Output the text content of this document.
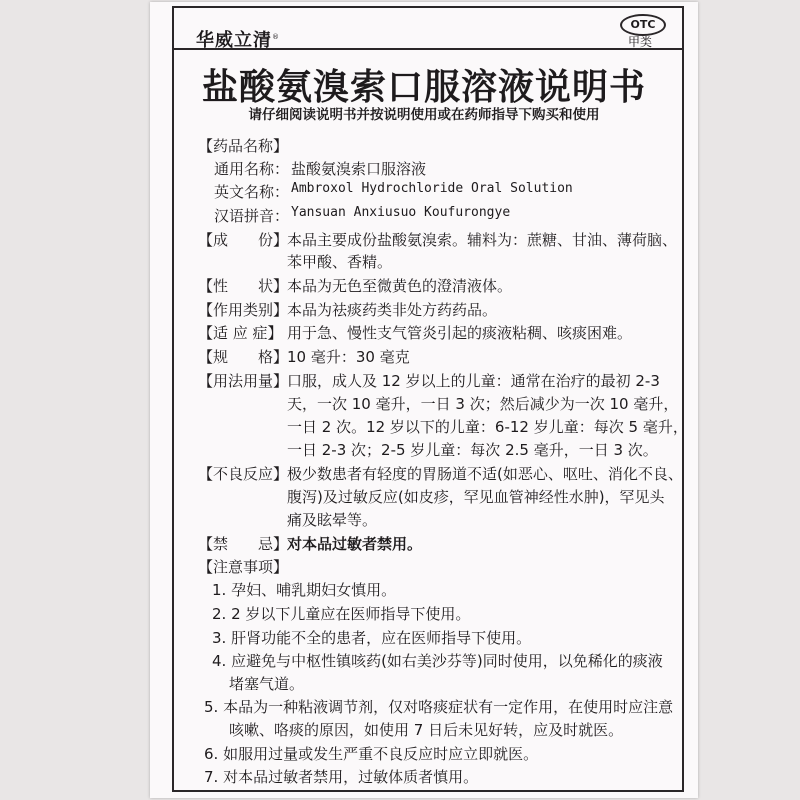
华威立清®
OTC
甲类
盐酸氨溴索口服溶液说明书
请仔细阅读说明书并按说明使用或在药师指导下购买和使用
【药品名称】
通用名称： 盐酸氨溴索口服溶液
英文名称： Ambroxol Hydrochloride Oral Solution
汉语拼音： Yansuan Anxiusuo Koufurongye
【成　　份】
本品主要成份盐酸氨溴索。辅料为：蔗糖、甘油、薄荷脑、
苯甲酸、香精。
【性　　状】
本品为无色至微黄色的澄清液体。
【作用类别】
本品为祛痰药类非处方药药品。
【适 应 症】 用于急、慢性支气管炎引起的痰液粘稠、咳痰困难。
【规　　格】
10 毫升：30 毫克
【用法用量】
口服，成人及 12 岁以上的儿童：通常在治疗的最初 2-3
天，一次 10 毫升，一日 3 次；然后减少为一次 10 毫升，
一日 2 次。12 岁以下的儿童：6-12 岁儿童：每次 5 毫升，
一日 2-3 次；2-5 岁儿童：每次 2.5 毫升，一日 3 次。
【不良反应】
极少数患者有轻度的胃肠道不适(如恶心、呕吐、消化不良、
腹泻)及过敏反应(如皮疹，罕见血管神经性水肿)，罕见头
痛及眩晕等。
【禁　　忌】
对本品过敏者禁用。
【注意事项】
1. 孕妇、哺乳期妇女慎用。
2. 2 岁以下儿童应在医师指导下使用。
3. 肝肾功能不全的患者，应在医师指导下使用。
4. 应避免与中枢性镇咳药(如右美沙芬等)同时使用，以免稀化的痰液
堵塞气道。
5. 本品为一种粘液调节剂，仅对咯痰症状有一定作用，在使用时应注意
咳嗽、咯痰的原因，如使用 7 日后未见好转，应及时就医。
6. 如服用过量或发生严重不良反应时应立即就医。
7. 对本品过敏者禁用，过敏体质者慎用。
